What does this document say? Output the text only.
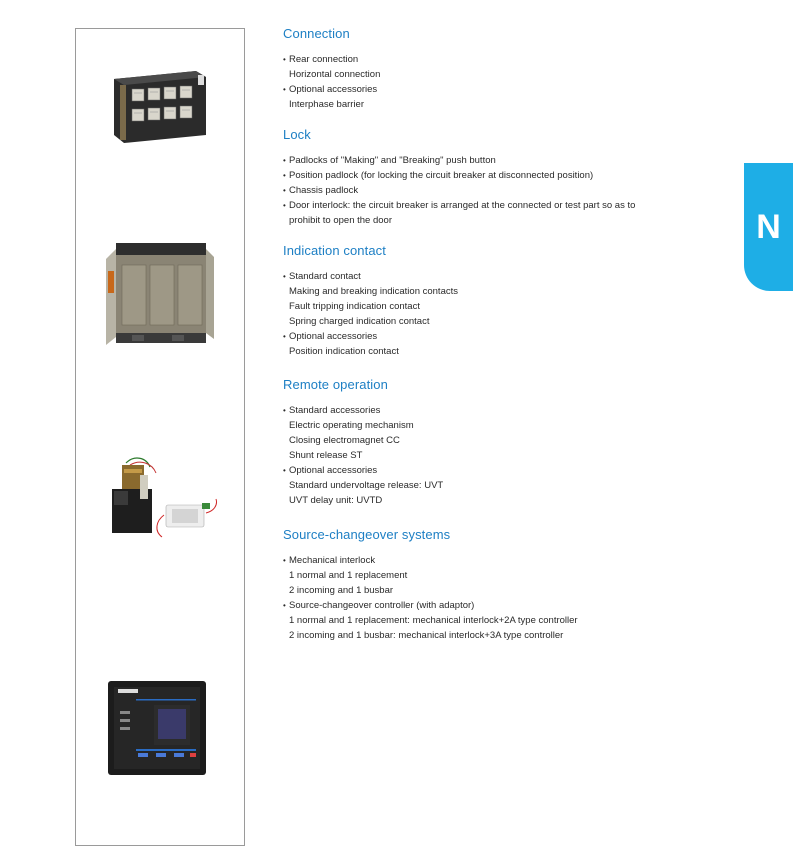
Connection
• Rear connection
Horizontal connection
• Optional accessories
Interphase barrier
Lock
• Padlocks of "Making" and "Breaking" push button
• Position padlock (for locking the circuit breaker at disconnected position)
• Chassis padlock
• Door interlock: the circuit breaker is arranged at the connected or test part so as to
prohibit to open the door
Indication contact
• Standard contact
Making and breaking indication contacts
Fault tripping indication contact
Spring charged indication contact
• Optional accessories
Position indication contact
Remote operation
• Standard accessories
Electric operating mechanism
Closing electromagnet CC
Shunt release ST
• Optional accessories
Standard undervoltage release: UVT
UVT delay unit: UVTD
Source-changeover systems
• Mechanical interlock
1 normal and 1 replacement
2 incoming and 1 busbar
• Source-changeover controller (with adaptor)
1 normal and 1 replacement: mechanical interlock+2A type controller
2 incoming and 1 busbar: mechanical interlock+3A type controller
N
